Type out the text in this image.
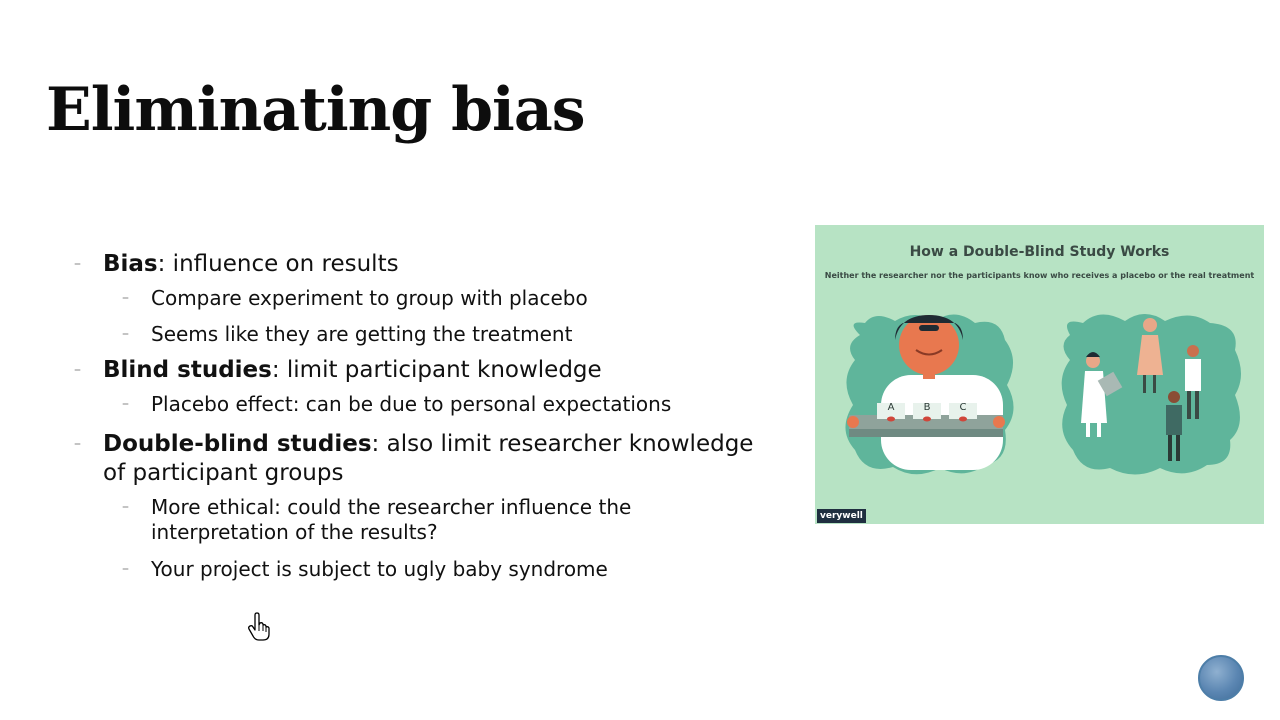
Eliminating bias
– Bias: influence on results
– Compare experiment to group with placebo
– Seems like they are getting the treatment
– Blind studies: limit participant knowledge
– Placebo effect: can be due to personal expectations
– Double-blind studies: also limit researcher knowledge of participant groups
– More ethical: could the researcher influence the interpretation of the results?
– Your project is subject to ugly baby syndrome
A	B	C
How a Double-Blind Study Works
Neither the researcher nor the participants know who receives a placebo or the real treatment
verywell
